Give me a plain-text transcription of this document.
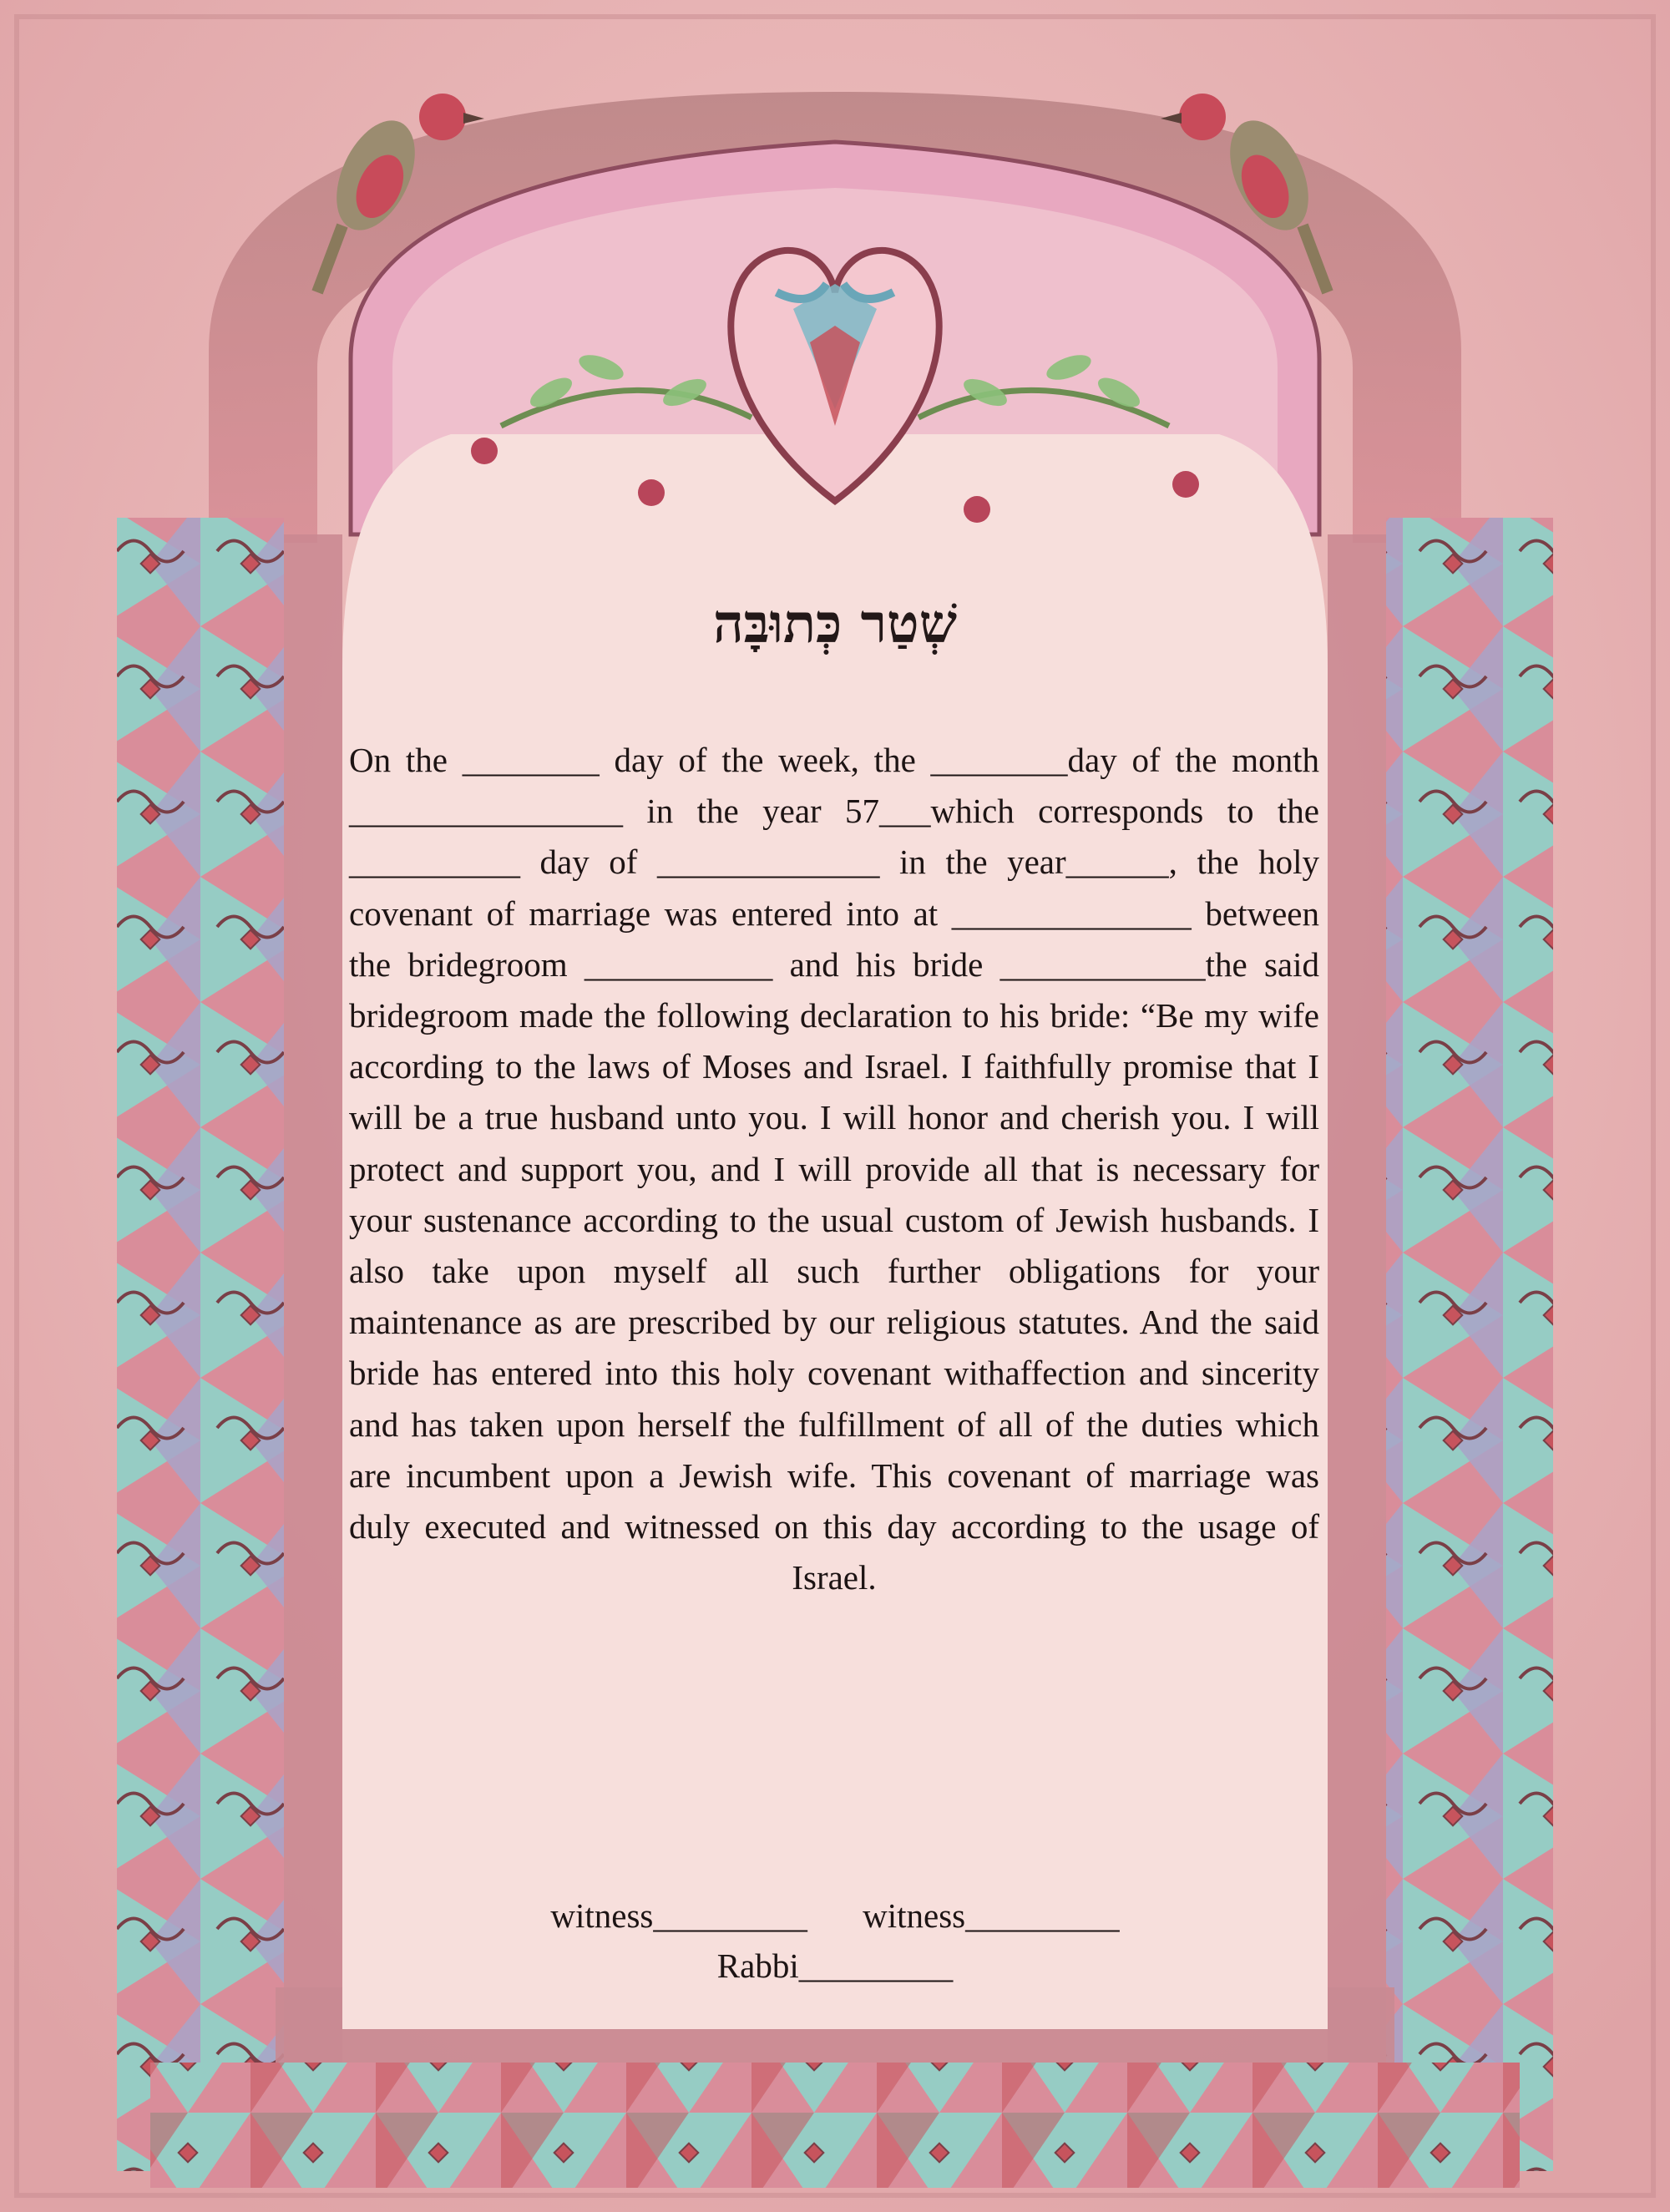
שְׁטַר כְּתוּבָּה

On the ________ day of the week, the ________day of the month ________________ in the year 57___which corresponds to the __________ day of _____________ in the year______, the holy covenant of marriage was entered into at ______________ between the bridegroom ___________ and his bride ____________the said bridegroom made the following declaration to his bride: “Be my wife according to the laws of Moses and Israel. I faithfully promise that I will be a true husband unto you. I will honor and cherish you. I will protect and support you, and I will provide all that is necessary for your sustenance according to the usual custom of Jewish husbands. I also take upon myself all such further obligations for your maintenance as are prescribed by our religious statutes. And the said bride has entered into this holy covenant withaffection and sincerity and has taken upon herself the fulfillment of all of the duties which are incumbent upon a Jewish wife. This covenant of marriage was duly executed and witnessed on this day according to the usage of Israel.

witness_________ witness_________
Rabbi_________
